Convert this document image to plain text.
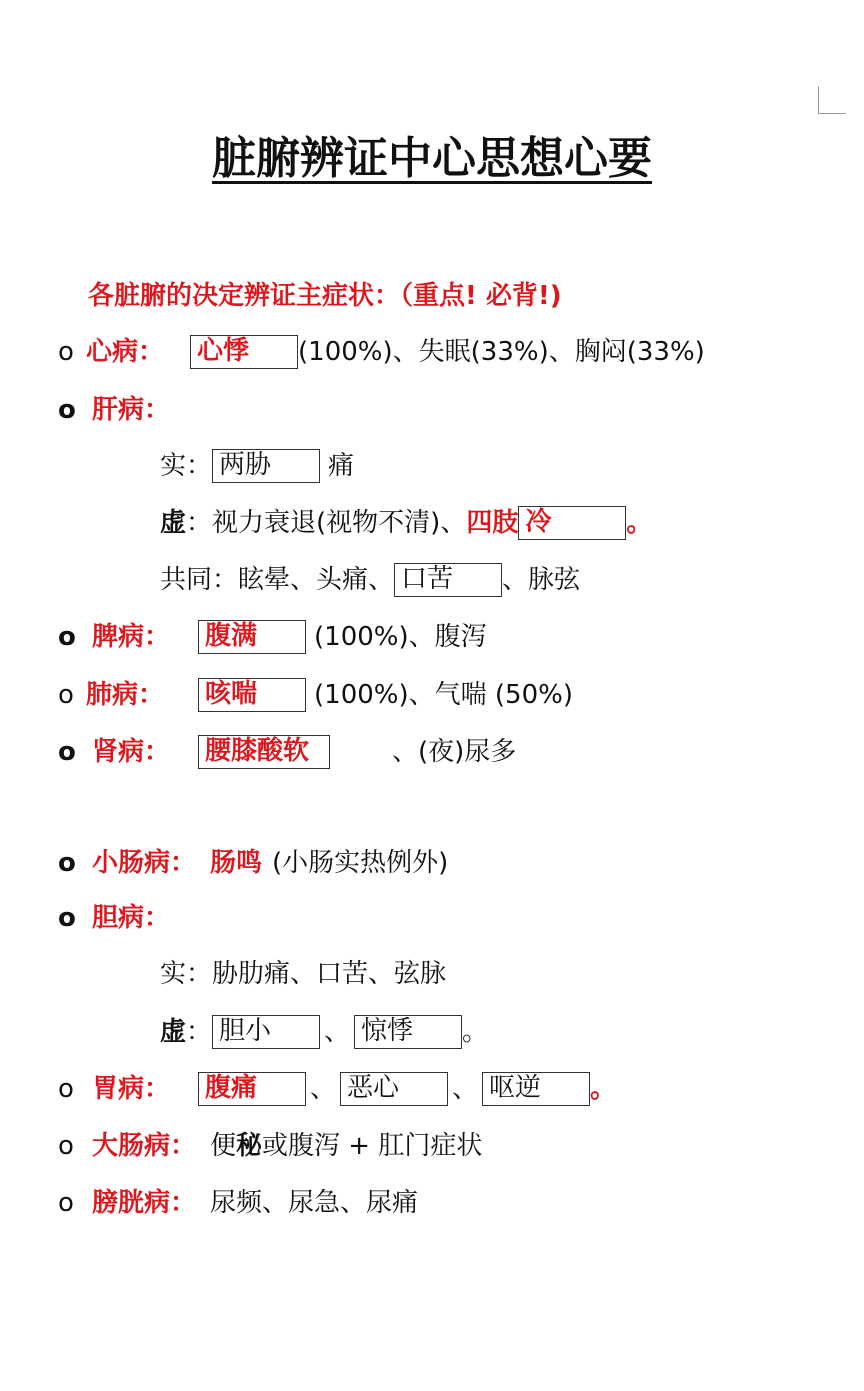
脏腑辨证中心思想心要
各脏腑的决定辨证主症状：（重点! 必背!)
o 心病： 心悸	(100%)、失眠(33%)、胸闷(33%)
o 肝病：
实： 两胁	痛
虚 ： 视力衰退(视物不清)、 四肢 冷	。
共同： 眩晕、头痛、 口苦	、脉弦
o 脾病： 腹满	(100%)、腹泻
o 肺病： 咳喘	(100%)、气喘 (50%)
o 肾病： 腰膝酸软	、(夜)尿多
o 小肠病： 肠鸣 (小肠实热例外)
o 胆病：
实： 胁肋痛、口苦、弦脉
虚 ： 胆小	、 惊悸	。
o 胃病： 腹痛	、 恶心	、 呕逆	。
o 大肠病： 便 秘 或腹泻 + 肛门症状
o 膀胱病： 尿频、尿急、尿痛
